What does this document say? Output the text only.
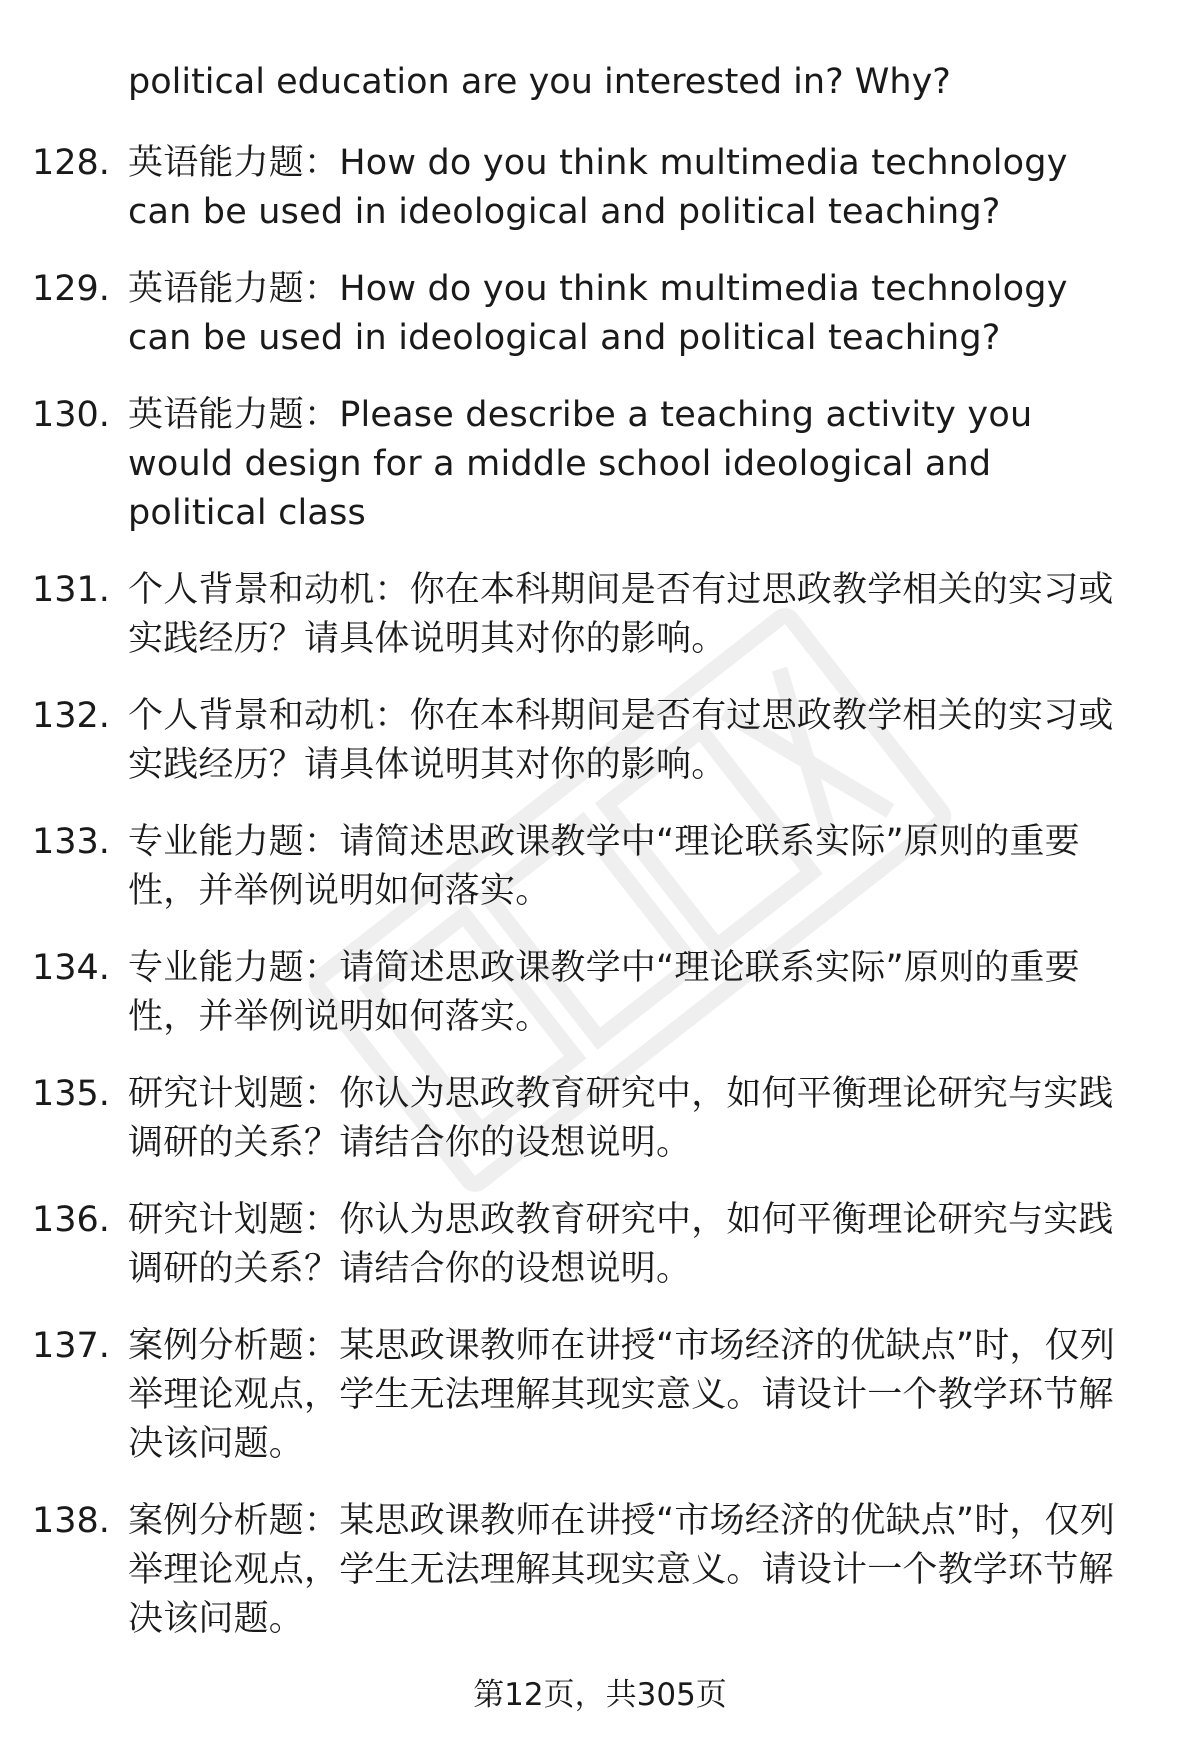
political education are you interested in? Why?
128. 英语能力题：How do you think multimedia technology can be used in ideological and political teaching?
129. 英语能力题：How do you think multimedia technology can be used in ideological and political teaching?
130. 英语能力题：Please describe a teaching activity you would design for a middle school ideological and political class
131. 个人背景和动机：你在本科期间是否有过思政教学相关的实习或实践经历？请具体说明其对你的影响。
132. 个人背景和动机：你在本科期间是否有过思政教学相关的实习或实践经历？请具体说明其对你的影响。
133. 专业能力题：请简述思政课教学中“理论联系实际”原则的重要性，并举例说明如何落实。
134. 专业能力题：请简述思政课教学中“理论联系实际”原则的重要性，并举例说明如何落实。
135. 研究计划题：你认为思政教育研究中，如何平衡理论研究与实践调研的关系？请结合你的设想说明。
136. 研究计划题：你认为思政教育研究中，如何平衡理论研究与实践调研的关系？请结合你的设想说明。
137. 案例分析题：某思政课教师在讲授“市场经济的优缺点”时，仅列举理论观点，学生无法理解其现实意义。请设计一个教学环节解决该问题。
138. 案例分析题：某思政课教师在讲授“市场经济的优缺点”时，仅列举理论观点，学生无法理解其现实意义。请设计一个教学环节解决该问题。
第12页，共305页
